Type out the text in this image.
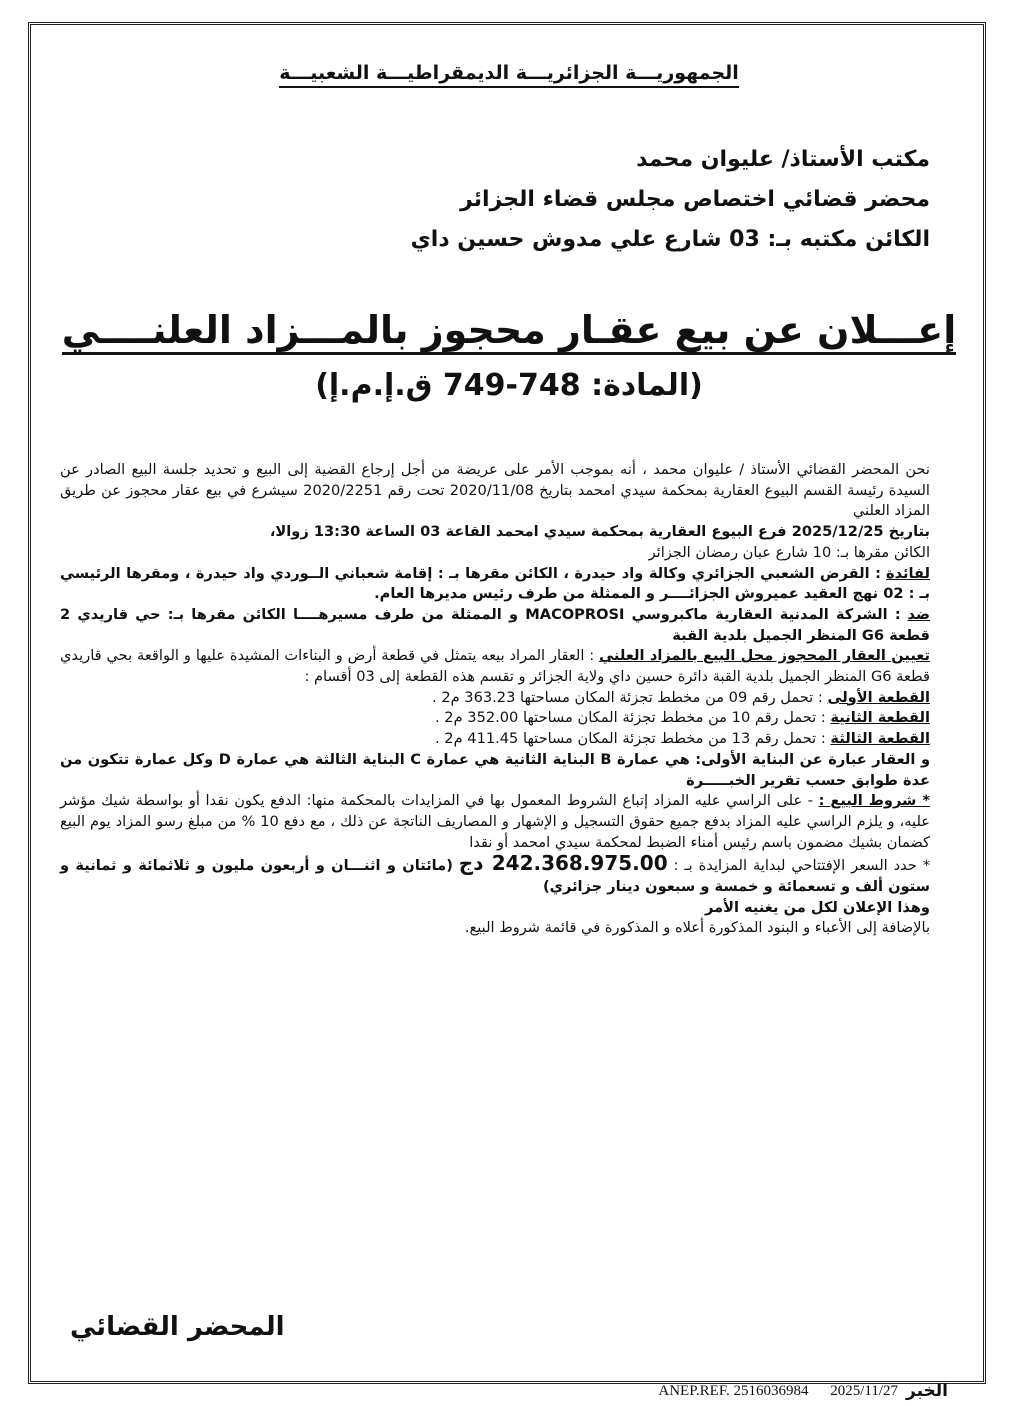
الجمهوريـــة الجزائريـــة الديمقراطيـــة الشعبيـــة
مكتب الأستاذ/ عليوان محمد
محضر قضائي اختصاص مجلس قضاء الجزائر
الكائن مكتبه بـ: 03 شارع علي مدوش حسين داي
إعـــلان عن بيع عقـار محجوز بالمـــزاد العلنــــي
(المادة: 748-749 ق.إ.م.إ)

نحن المحضر القضائي الأستاذ / عليوان محمد ، أنه بموجب الأمر على عريضة من أجل إرجاع القضية إلى البيع و تحديد جلسة البيع الصادر عن السيدة رئيسة القسم البيوع العقارية بمحكمة سيدي امحمد بتاريخ 2020/11/08 تحت رقم 2020/2251 سيشرع في بيع عقار محجوز عن طريق المزاد العلني

بتاريخ 2025/12/25 فرع البيوع العقارية بمحكمة سيدي امحمد القاعة 03 الساعة 13:30 زوالا،

الكائن مقرها بـ: 10 شارع عبان رمضان الجزائر

لفائدة : القرض الشعبي الجزائري وكالة واد حيدرة ، الكائن مقرها بـ : إقامة شعباني الــوردي واد حيدرة ، ومقرها الرئيسي بـ : 02 نهج العقيد عميروش الجزائــــر و الممثلة من طرف رئيس مديرها العام.

ضد : الشركة المدنية العقارية ماكبروسي MACOPROSI و الممثلة من طرف مسيرهــــا الكائن مقرها بـ: حي قاريدي 2 قطعة G6 المنظر الجميل بلدية القبة

تعيين العقار المحجوز محل البيع بالمزاد العلني : العقار المراد بيعه يتمثل في قطعة أرض و البناءات المشيدة عليها و الواقعة بحي قاريدي قطعة G6 المنظر الجميل بلدية القبة دائرة حسين داي ولاية الجزائر و تقسم هذه القطعة إلى 03 أقسام :

القطعة الأولى : تحمل رقم 09 من مخطط تجزئة المكان مساحتها 363.23 م2 .

القطعة الثانية : تحمل رقم 10 من مخطط تجزئة المكان مساحتها 352.00 م2 .

القطعة الثالثة : تحمل رقم 13 من مخطط تجزئة المكان مساحتها 411.45 م2 .

و العقار عبارة عن البناية الأولى: هي عمارة B البناية الثانية هي عمارة C البناية الثالثة هي عمارة D وكل عمارة تتكون من عدة طوابق حسب تقرير الخبـــــرة

* شروط البيع : - على الراسي عليه المزاد إتباع الشروط المعمول بها في المزايدات بالمحكمة منها: الدفع يكون نقدا أو بواسطة شيك مؤشر عليه، و يلزم الراسي عليه المزاد بدفع جميع حقوق التسجيل و الإشهار و المصاريف الناتجة عن ذلك ، مع دفع 10 % من مبلغ رسو المزاد يوم البيع كضمان بشيك مضمون باسم رئيس أمناء الضبط لمحكمة سيدي امحمد أو نقدا

* حدد السعر الإفتتاحي لبداية المزايدة بـ : 242.368.975.00 دج (مائتان و اثنـــان و أربعون مليون و ثلاثمائة و ثمانية و ستون ألف و تسعمائة و خمسة و سبعون دينار جزائري)

وهذا الإعلان لكل من يغنيه الأمر

بالإضافة إلى الأعباء و البنود المذكورة أعلاه و المذكورة في قائمة شروط البيع.

المحضر القضائي
الخبر
ANEP.REF. 2516036984 2025/11/27
